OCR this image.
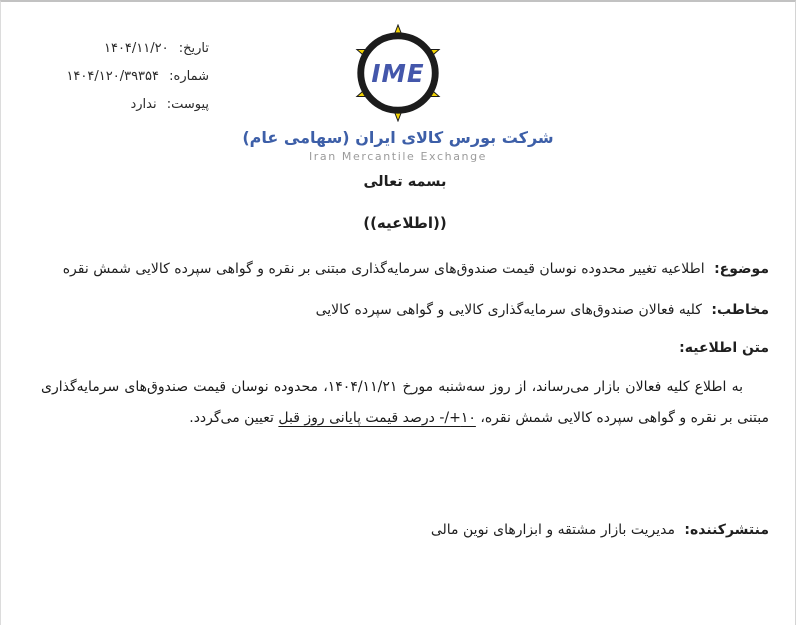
تاریخ: ۱۴۰۴/۱۱/۲۰
شماره: ۱۴۰۴/۱۲۰/۳۹۳۵۴
پیوست: ندارد
IME
شرکت بورس کالای ایران (سهامی عام)
Iran Mercantile Exchange
بسمه تعالی
((اطلاعیه))
موضوع: اطلاعیه تغییر محدوده نوسان قیمت صندوق‌های سرمایه‌گذاری مبتنی بر نقره و گواهی سپرده کالایی شمش نقره
مخاطب: کلیه فعالان صندوق‌های سرمایه‌گذاری کالایی و گواهی سپرده کالایی
متن اطلاعیه:

به اطلاع کلیه فعالان بازار می‌رساند، از روز سه‌شنبه مورخ ۱۴۰۴/۱۱/۲۱، محدوده نوسان قیمت صندوق‌های سرمایه‌گذاری مبتنی بر نقره و گواهی سپرده کالایی شمش نقره، ۱۰+/- درصد قیمت پایانی روز قبل تعیین می‌گردد.

منتشرکننده: مدیریت بازار مشتقه و ابزارهای نوین مالی
